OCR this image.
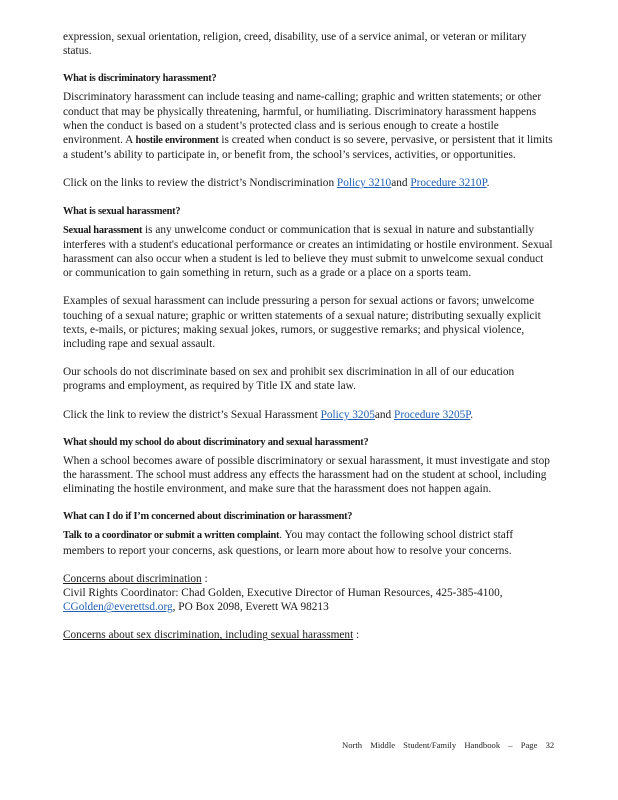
expression, sexual orientation, religion, creed, disability, use of a service animal, or veteran or military status.

What is discriminatory harassment?

Discriminatory harassment can include teasing and name-calling; graphic and written statements; or other conduct that may be physically threatening, harmful, or humiliating. Discriminatory harassment happens when the conduct is based on a student’s protected class and is serious enough to create a hostile environment. A hostile environment is created when conduct is so severe, pervasive, or persistent that it limits a student’s ability to participate in, or benefit from, the school’s services, activities, or opportunities.

Click on the links to review the district’s Nondiscrimination Policy 3210and Procedure 3210P.

What is sexual harassment?

Sexual harassment is any unwelcome conduct or communication that is sexual in nature and substantially interferes with a student's educational performance or creates an intimidating or hostile environment. Sexual harassment can also occur when a student is led to believe they must submit to unwelcome sexual conduct or communication to gain something in return, such as a grade or a place on a sports team.

Examples of sexual harassment can include pressuring a person for sexual actions or favors; unwelcome touching of a sexual nature; graphic or written statements of a sexual nature; distributing sexually explicit texts, e-mails, or pictures; making sexual jokes, rumors, or suggestive remarks; and physical violence, including rape and sexual assault.

Our schools do not discriminate based on sex and prohibit sex discrimination in all of our education programs and employment, as required by Title IX and state law.

Click the link to review the district’s Sexual Harassment Policy 3205and Procedure 3205P.

What should my school do about discriminatory and sexual harassment?

When a school becomes aware of possible discriminatory or sexual harassment, it must investigate and stop the harassment. The school must address any effects the harassment had on the student at school, including eliminating the hostile environment, and make sure that the harassment does not happen again.

What can I do if I’m concerned about discrimination or harassment?

Talk to a coordinator or submit a written complaint. You may contact the following school district staff members to report your concerns, ask questions, or learn more about how to resolve your concerns.

Concerns about discrimination :

Civil Rights Coordinator: Chad Golden, Executive Director of Human Resources, 425-385-4100,

CGolden@everettsd.org, PO Box 2098, Everett WA 98213

Concerns about sex discrimination, including sexual harassment :

North Middle Student/Family Handbook – Page 32
